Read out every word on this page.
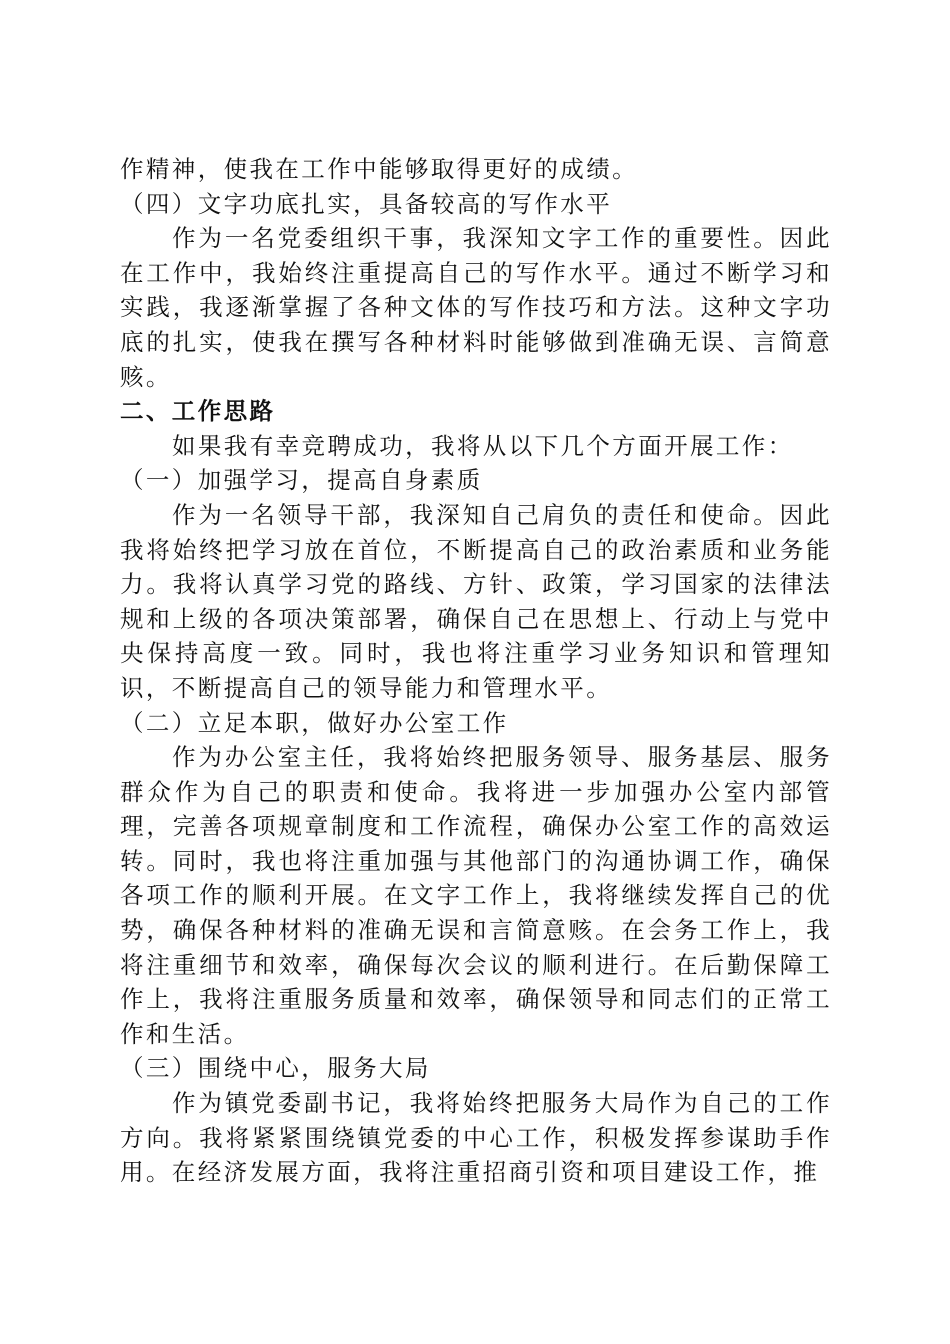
作精神，使我在工作中能够取得更好的成绩。

（四）文字功底扎实，具备较高的写作水平

作为一名党委组织干事，我深知文字工作的重要性。因此在工作中，我始终注重提高自己的写作水平。通过不断学习和实践，我逐渐掌握了各种文体的写作技巧和方法。这种文字功底的扎实，使我在撰写各种材料时能够做到准确无误、言简意赅。

二、工作思路

如果我有幸竞聘成功，我将从以下几个方面开展工作：

（一）加强学习，提高自身素质

作为一名领导干部，我深知自己肩负的责任和使命。因此我将始终把学习放在首位，不断提高自己的政治素质和业务能力。我将认真学习党的路线、方针、政策，学习国家的法律法规和上级的各项决策部署，确保自己在思想上、行动上与党中央保持高度一致。同时，我也将注重学习业务知识和管理知识，不断提高自己的领导能力和管理水平。

（二）立足本职，做好办公室工作

作为办公室主任，我将始终把服务领导、服务基层、服务群众作为自己的职责和使命。我将进一步加强办公室内部管理，完善各项规章制度和工作流程，确保办公室工作的高效运转。同时，我也将注重加强与其他部门的沟通协调工作，确保各项工作的顺利开展。在文字工作上，我将继续发挥自己的优势，确保各种材料的准确无误和言简意赅。在会务工作上，我将注重细节和效率，确保每次会议的顺利进行。在后勤保障工作上，我将注重服务质量和效率，确保领导和同志们的正常工作和生活。

（三）围绕中心，服务大局

作为镇党委副书记，我将始终把服务大局作为自己的工作方向。我将紧紧围绕镇党委的中心工作，积极发挥参谋助手作用。在经济发展方面，我将注重招商引资和项目建设工作，推
